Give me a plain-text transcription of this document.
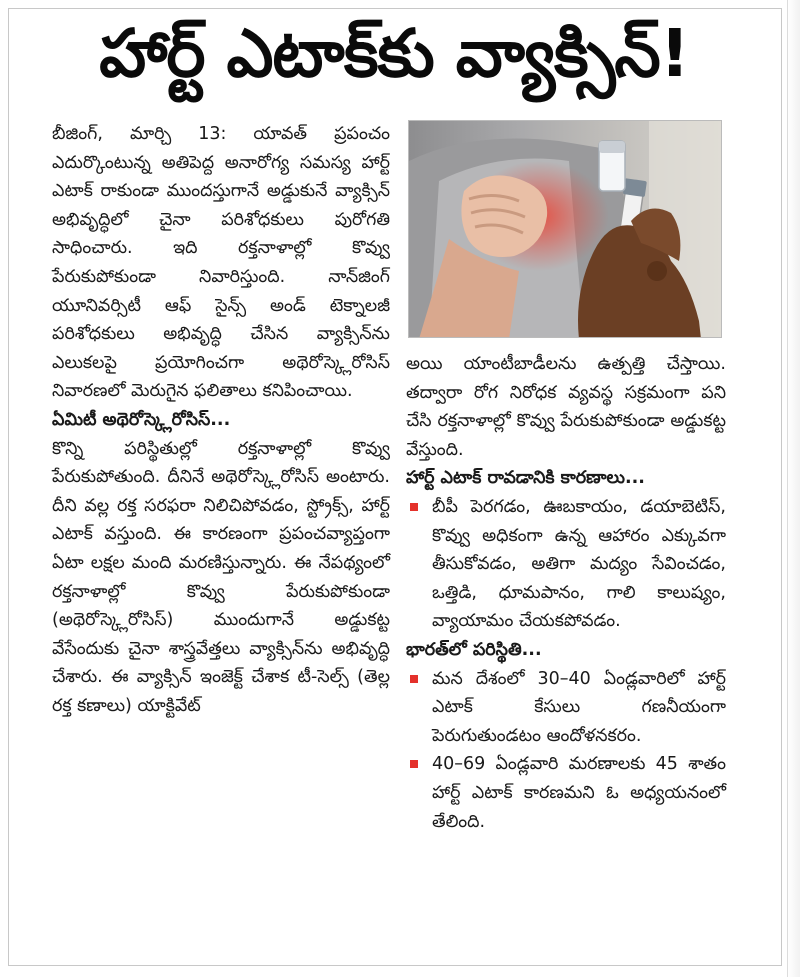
హార్ట్ ఎటాక్‌కు వ్యాక్సిన్!

బీజింగ్, మార్చి 13: యావత్ ప్రపంచం ఎదుర్కొంటున్న అతిపెద్ద అనారోగ్య సమస్య హార్ట్ ఎటాక్ రాకుండా ముందస్తుగానే అడ్డుకునే వ్యాక్సిన్ అభివృద్ధిలో చైనా పరిశోధకులు పురోగతి సాధించారు. ఇది రక్తనాళాల్లో కొవ్వు పేరుకుపోకుండా నివారిస్తుంది. నాన్‌జింగ్ యూనివర్సిటీ ఆఫ్ సైన్స్ అండ్ టెక్నాలజీ పరిశోధకులు అభివృద్ధి చేసిన వ్యాక్సిన్‌ను ఎలుకలపై ప్రయోగించగా అథెరోస్క్లెరోసిస్ నివారణలో మెరుగైన ఫలితాలు కనిపించాయి.

ఏమిటీ అథెరోస్క్లెరోసిస్...

కొన్ని పరిస్థితుల్లో రక్తనాళాల్లో కొవ్వు పేరుకుపోతుంది. దీనినే అథెరోస్క్లెరోసిస్ అంటారు. దీని వల్ల రక్త సరఫరా నిలిచిపోవడం, స్ట్రోక్స్, హార్ట్ ఎటాక్ వస్తుంది. ఈ కారణంగా ప్రపంచవ్యాప్తంగా ఏటా లక్షల మంది మరణిస్తున్నారు. ఈ నేపథ్యంలో రక్తనాళాల్లో కొవ్వు పేరుకుపోకుండా (అథెరోస్క్లెరోసిస్) ముందుగానే అడ్డుకట్ట వేసేందుకు చైనా శాస్త్రవేత్తలు వ్యాక్సిన్‌ను అభివృద్ధి చేశారు. ఈ వ్యాక్సిన్ ఇంజెక్ట్ చేశాక టీ-సెల్స్ (తెల్ల రక్త కణాలు) యాక్టివేట్

అయి యాంటీబాడీలను ఉత్పత్తి చేస్తాయి. తద్వారా రోగ నిరోధక వ్యవస్థ సక్రమంగా పని చేసి రక్తనాళాల్లో కొవ్వు పేరుకుపోకుండా అడ్డుకట్ట వేస్తుంది.

హార్ట్ ఎటాక్ రావడానికి కారణాలు...

బీపీ పెరగడం, ఊబకాయం, డయాబెటిస్, కొవ్వు అధికంగా ఉన్న ఆహారం ఎక్కువగా తీసుకోవడం, అతిగా మద్యం సేవించడం, ఒత్తిడి, ధూమపానం, గాలి కాలుష్యం, వ్యాయామం చేయకపోవడం.

భారత్‌లో పరిస్థితి...

మన దేశంలో 30–40 ఏండ్లవారిలో హార్ట్ ఎటాక్ కేసులు గణనీయంగా పెరుగుతుండటం ఆందోళనకరం.
40–69 ఏండ్లవారి మరణాలకు 45 శాతం హార్ట్ ఎటాక్ కారణమని ఓ అధ్యయనంలో తేలింది.
